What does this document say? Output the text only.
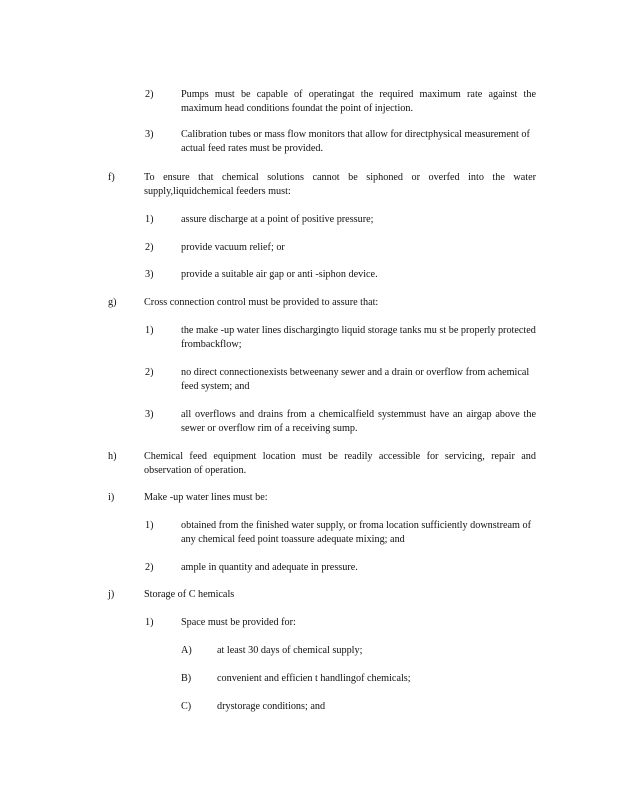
2)	Pumps must be capable of operatingat the required maximum rate against the maximum head conditions foundat the point of injection.
3)	Calibration tubes or mass flow monitors that allow for directphysical measurement of actual feed rates must be provided.
f)	To ensure that chemical solutions cannot be siphoned or overfed into the water supply,liquidchemical feeders must:
1)	assure discharge at a point of positive pressure;
2)	provide vacuum relief; or
3)	provide a suitable air gap or anti -siphon device.
g)	Cross connection control must be provided to assure that:
1)	the make -up water lines dischargingto liquid storage tanks mu st be properly protected frombackflow;
2)	no direct connectionexists betweenany sewer and a drain or overflow from achemical feed system; and
3)	all overflows and drains from a chemicalfield systemmust have an airgap above the sewer or overflow rim of a receiving sump.
h)	Chemical feed equipment location must be readily accessible for servicing, repair and observation of operation.
i)	Make -up water lines must be:
1)	obtained from the finished water supply, or froma location sufficiently downstream of any chemical feed point toassure adequate mixing; and
2)	ample in quantity and adequate in pressure.
j)	Storage of C hemicals
1)	Space must be provided for:
A)	at least 30 days of chemical supply;
B)	convenient and efficien t handlingof chemicals;
C)	drystorage conditions; and
